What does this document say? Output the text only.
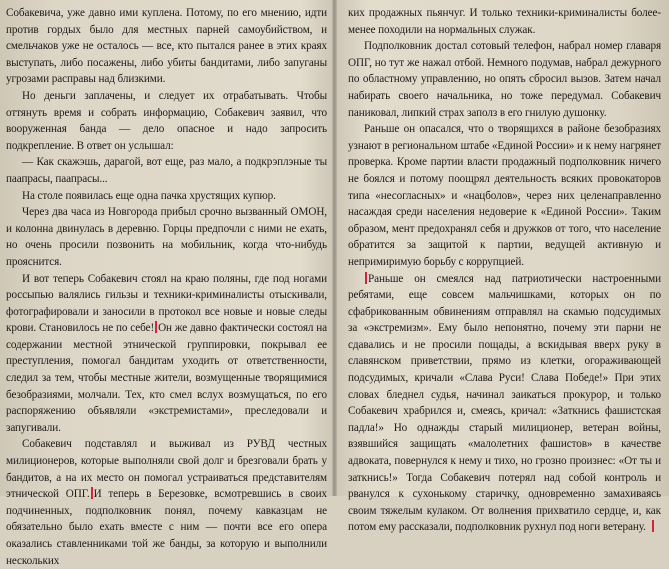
Собакевича, уже давно ими куплена. Потому, по его мнению, идти против гордых было для местных парней самоубийством, и смельчаков уже не осталось — все, кто пытался ранее в этих краях выступать, либо посажены, либо убиты бандитами, либо запуганы угрозами расправы над близкими.

Но деньги заплачены, и следует их отрабатывать. Чтобы оттянуть время и собрать информацию, Собакевич заявил, что вооруженная банда — дело опасное и надо запросить подкрепление. В ответ он услышал:

— Как скажэшь, дарагой, вот еще, раз мало, а подкрэплэные ты паапрасы, паапрасы...

На столе появилась еще одна пачка хрустящих купюр.

Через два часа из Новгорода прибыл срочно вызванный ОМОН, и колонна двинулась в деревню. Горцы предпочли с ними не ехать, но очень просили позвонить на мобильник, когда что-нибудь прояснится.

И вот теперь Собакевич стоял на краю поляны, где под ногами россыпью валялись гильзы и техники-криминалисты отыскивали, фотографировали и заносили в протокол все новые и новые следы крови. Становилось не по себе! Он же давно фактически состоял на содержании местной этнической группировки, покрывал ее преступления, помогал бандитам уходить от ответственности, следил за тем, чтобы местные жители, возмущенные творящимися безобразиями, молчали. Тех, кто смел вслух возмущаться, по его распоряжению объявляли «экстремистами», преследовали и запугивали.

Собакевич подставлял и выживал из РУВД честных милиционеров, которые выполняли свой долг и брезговали брать у бандитов, а на их место он помогал устраиваться представителям этнической ОПГ. И теперь в Березовке, всмотревшись в своих подчиненных, подполковник понял, почему кавказцам не обязательно было ехать вместе с ним — почти все его опера оказались ставленниками той же банды, за которую и выполнили нескольких

ких продажных пьянчуг. И только техники-криминалисты более-менее походили на нормальных служак.

Подполковник достал сотовый телефон, набрал номер главаря ОПГ, но тут же нажал отбой. Немного подумав, набрал дежурного по областному управлению, но опять сбросил вызов. Затем начал набирать своего начальника, но тоже передумал. Собакевич паниковал, липкий страх заполз в его гнилую душонку.

Раньше он опасался, что о творящихся в районе безобразиях узнают в региональном штабе «Единой России» и к нему нагрянет проверка. Кроме партии власти продажный подполковник ничего не боялся и потому поощрял деятельность всяких провокаторов типа «несогласных» и «нацболов», через них целенаправленно насаждая среди населения недоверие к «Единой России». Таким образом, мент предохранял себя и дружков от того, что население обратится за защитой к партии, ведущей активную и непримиримую борьбу с коррупцией.

Раньше он смеялся над патриотически настроенными ребятами, еще совсем мальчишками, которых он по сфабрикованным обвинениям отправлял на скамью подсудимых за «экстремизм». Ему было непонятно, почему эти парни не сдавались и не просили пощады, а вскидывая вверх руку в славянском приветствии, прямо из клетки, огораживающей подсудимых, кричали «Слава Руси! Слава Победе!» При этих словах бледнел судья, начинал заикаться прокурор, и только Собакевич храбрился и, смеясь, кричал: «Заткнись фашистская падла!» Но однажды старый милиционер, ветеран войны, взявшийся защищать «малолетних фашистов» в качестве адвоката, повернулся к нему и тихо, но грозно произнес: «От ты и заткнись!» Тогда Собакевич потерял над собой контроль и рванулся к сухонькому старичку, одновременно замахиваясь своим тяжелым кулаком. От волнения прихватило сердце, и, как потом ему рассказали, подполковник рухнул под ноги ветерану.
